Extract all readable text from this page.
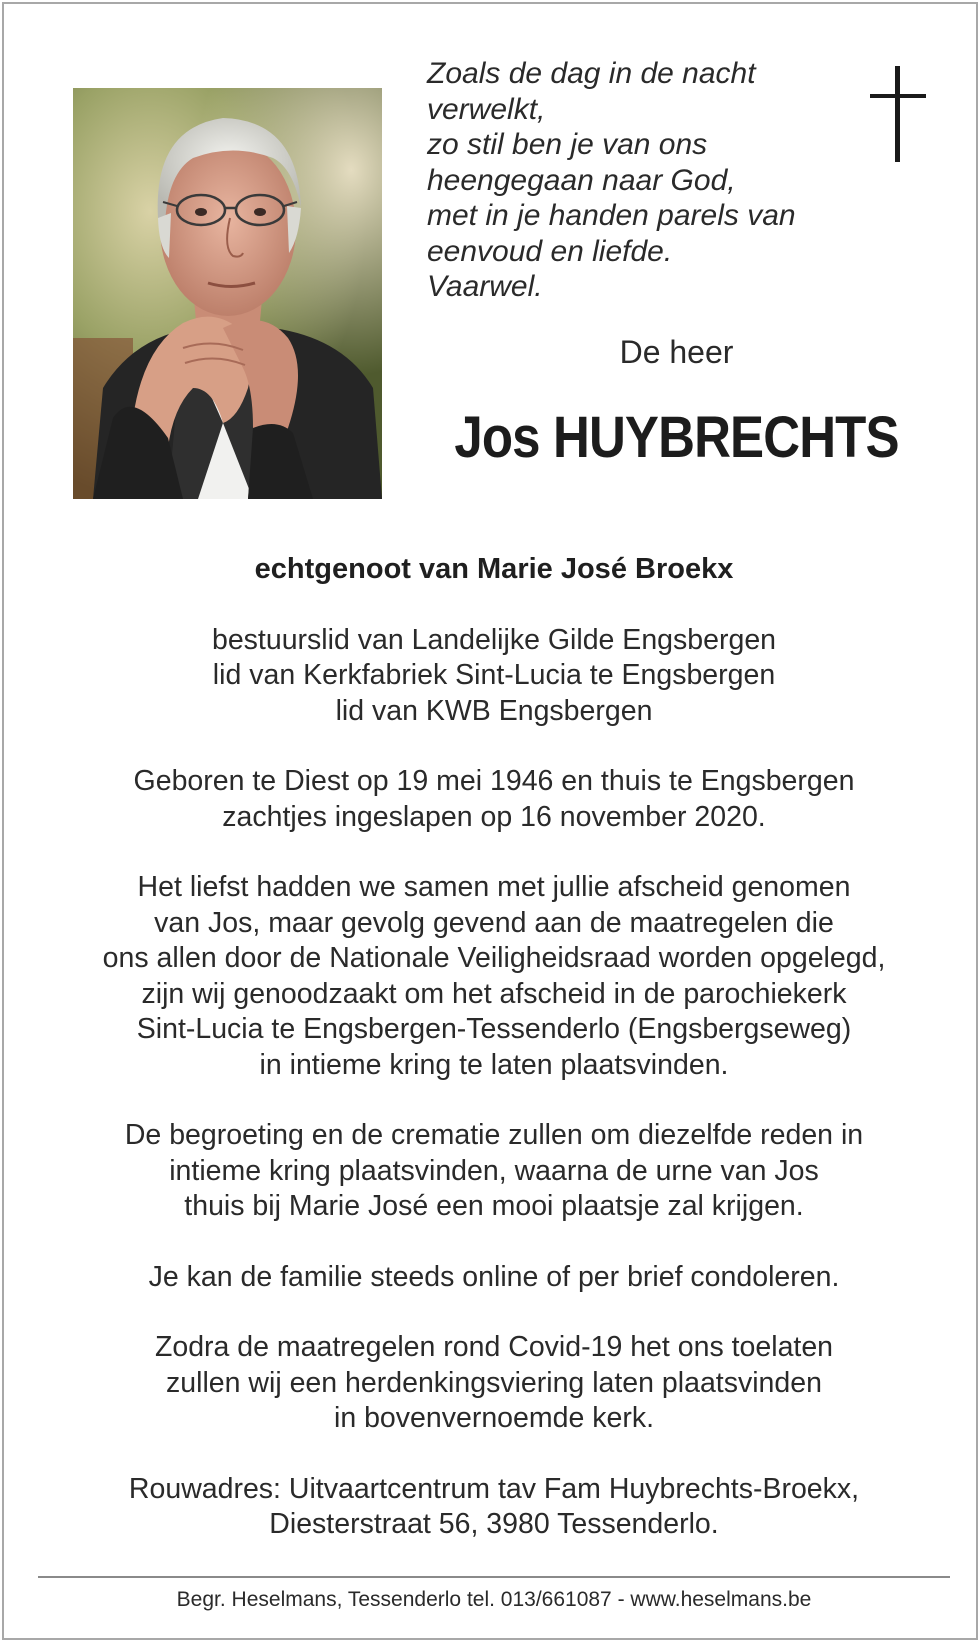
Zoals de dag in de nacht
verwelkt,
zo stil ben je van ons
heengegaan naar God,
met in je handen parels van
eenvoud en liefde.
Vaarwel.
De heer
Jos HUYBRECHTS
echtgenoot van Marie José Broekx
bestuurslid van Landelijke Gilde Engsbergen
lid van Kerkfabriek Sint-Lucia te Engsbergen
lid van KWB Engsbergen
Geboren te Diest op 19 mei 1946 en thuis te Engsbergen
zachtjes ingeslapen op 16 november 2020.
Het liefst hadden we samen met jullie afscheid genomen
van Jos, maar gevolg gevend aan de maatregelen die
ons allen door de Nationale Veiligheidsraad worden opgelegd,
zijn wij genoodzaakt om het afscheid in de parochiekerk
Sint-Lucia te Engsbergen-Tessenderlo (Engsbergseweg)
in intieme kring te laten plaatsvinden.
De begroeting en de crematie zullen om diezelfde reden in
intieme kring plaatsvinden, waarna de urne van Jos
thuis bij Marie José een mooi plaatsje zal krijgen.
Je kan de familie steeds online of per brief condoleren.
Zodra de maatregelen rond Covid-19 het ons toelaten
zullen wij een herdenkingsviering laten plaatsvinden
in bovenvernoemde kerk.
Rouwadres: Uitvaartcentrum tav Fam Huybrechts-Broekx,
Diesterstraat 56, 3980 Tessenderlo.
Begr. Heselmans, Tessenderlo tel. 013/661087 - www.heselmans.be
